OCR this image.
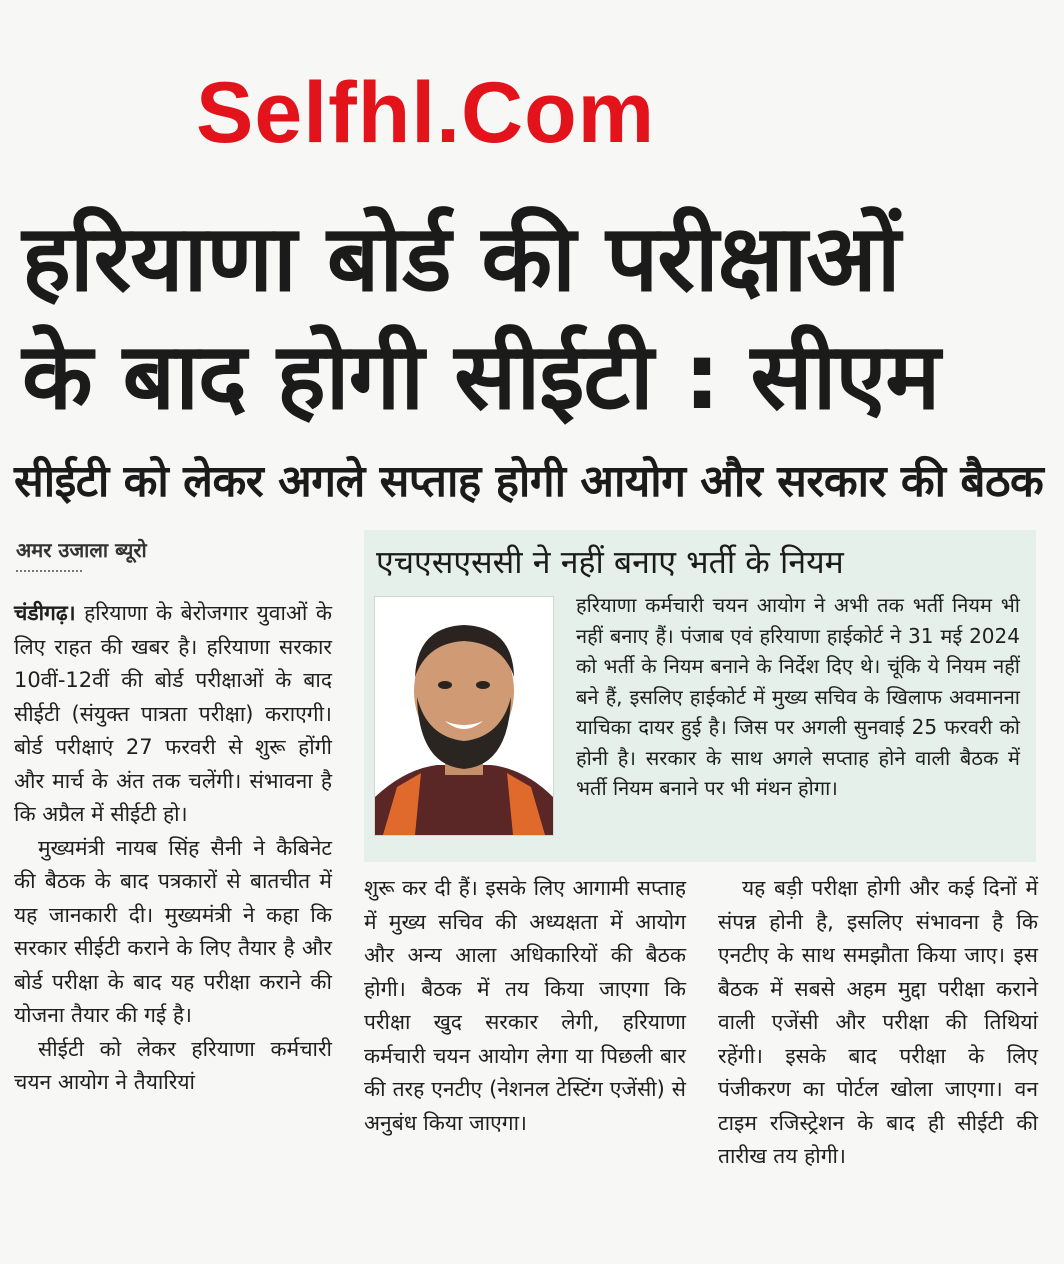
Selfhl.Com
हरियाणा बोर्ड की परीक्षाओं
के बाद होगी सीईटी : सीएम
सीईटी को लेकर अगले सप्ताह होगी आयोग और सरकार की बैठक
अमर उजाला ब्यूरो

चंडीगढ़। हरियाणा के बेरोजगार युवाओं के लिए राहत की खबर है। हरियाणा सरकार 10वीं-12वीं की बोर्ड परीक्षाओं के बाद सीईटी (संयुक्त पात्रता परीक्षा) कराएगी। बोर्ड परीक्षाएं 27 फरवरी से शुरू होंगी और मार्च के अंत तक चलेंगी। संभावना है कि अप्रैल में सीईटी हो।

मुख्यमंत्री नायब सिंह सैनी ने कैबिनेट की बैठक के बाद पत्रकारों से बातचीत में यह जानकारी दी। मुख्यमंत्री ने कहा कि सरकार सीईटी कराने के लिए तैयार है और बोर्ड परीक्षा के बाद यह परीक्षा कराने की योजना तैयार की गई है।

सीईटी को लेकर हरियाणा कर्मचारी चयन आयोग ने तैयारियां

एचएसएससी ने नहीं बनाए भर्ती के नियम
हरियाणा कर्मचारी चयन आयोग ने अभी तक भर्ती नियम भी नहीं बनाए हैं। पंजाब एवं हरियाणा हाईकोर्ट ने 31 मई 2024 को भर्ती के नियम बनाने के निर्देश दिए थे। चूंकि ये नियम नहीं बने हैं, इसलिए हाईकोर्ट में मुख्य सचिव के खिलाफ अवमानना याचिका दायर हुई है। जिस पर अगली सुनवाई 25 फरवरी को होनी है। सरकार के साथ अगले सप्ताह होने वाली बैठक में भर्ती नियम बनाने पर भी मंथन होगा।

शुरू कर दी हैं। इसके लिए आगामी सप्ताह में मुख्य सचिव की अध्यक्षता में आयोग और अन्य आला अधिकारियों की बैठक होगी। बैठक में तय किया जाएगा कि परीक्षा खुद सरकार लेगी, हरियाणा कर्मचारी चयन आयोग लेगा या पिछली बार की तरह एनटीए (नेशनल टेस्टिंग एजेंसी) से अनुबंध किया जाएगा।

यह बड़ी परीक्षा होगी और कई दिनों में संपन्न होनी है, इसलिए संभावना है कि एनटीए के साथ समझौता किया जाए। इस बैठक में सबसे अहम मुद्दा परीक्षा कराने वाली एजेंसी और परीक्षा की तिथियां रहेंगी। इसके बाद परीक्षा के लिए पंजीकरण का पोर्टल खोला जाएगा। वन टाइम रजिस्ट्रेशन के बाद ही सीईटी की तारीख तय होगी।
